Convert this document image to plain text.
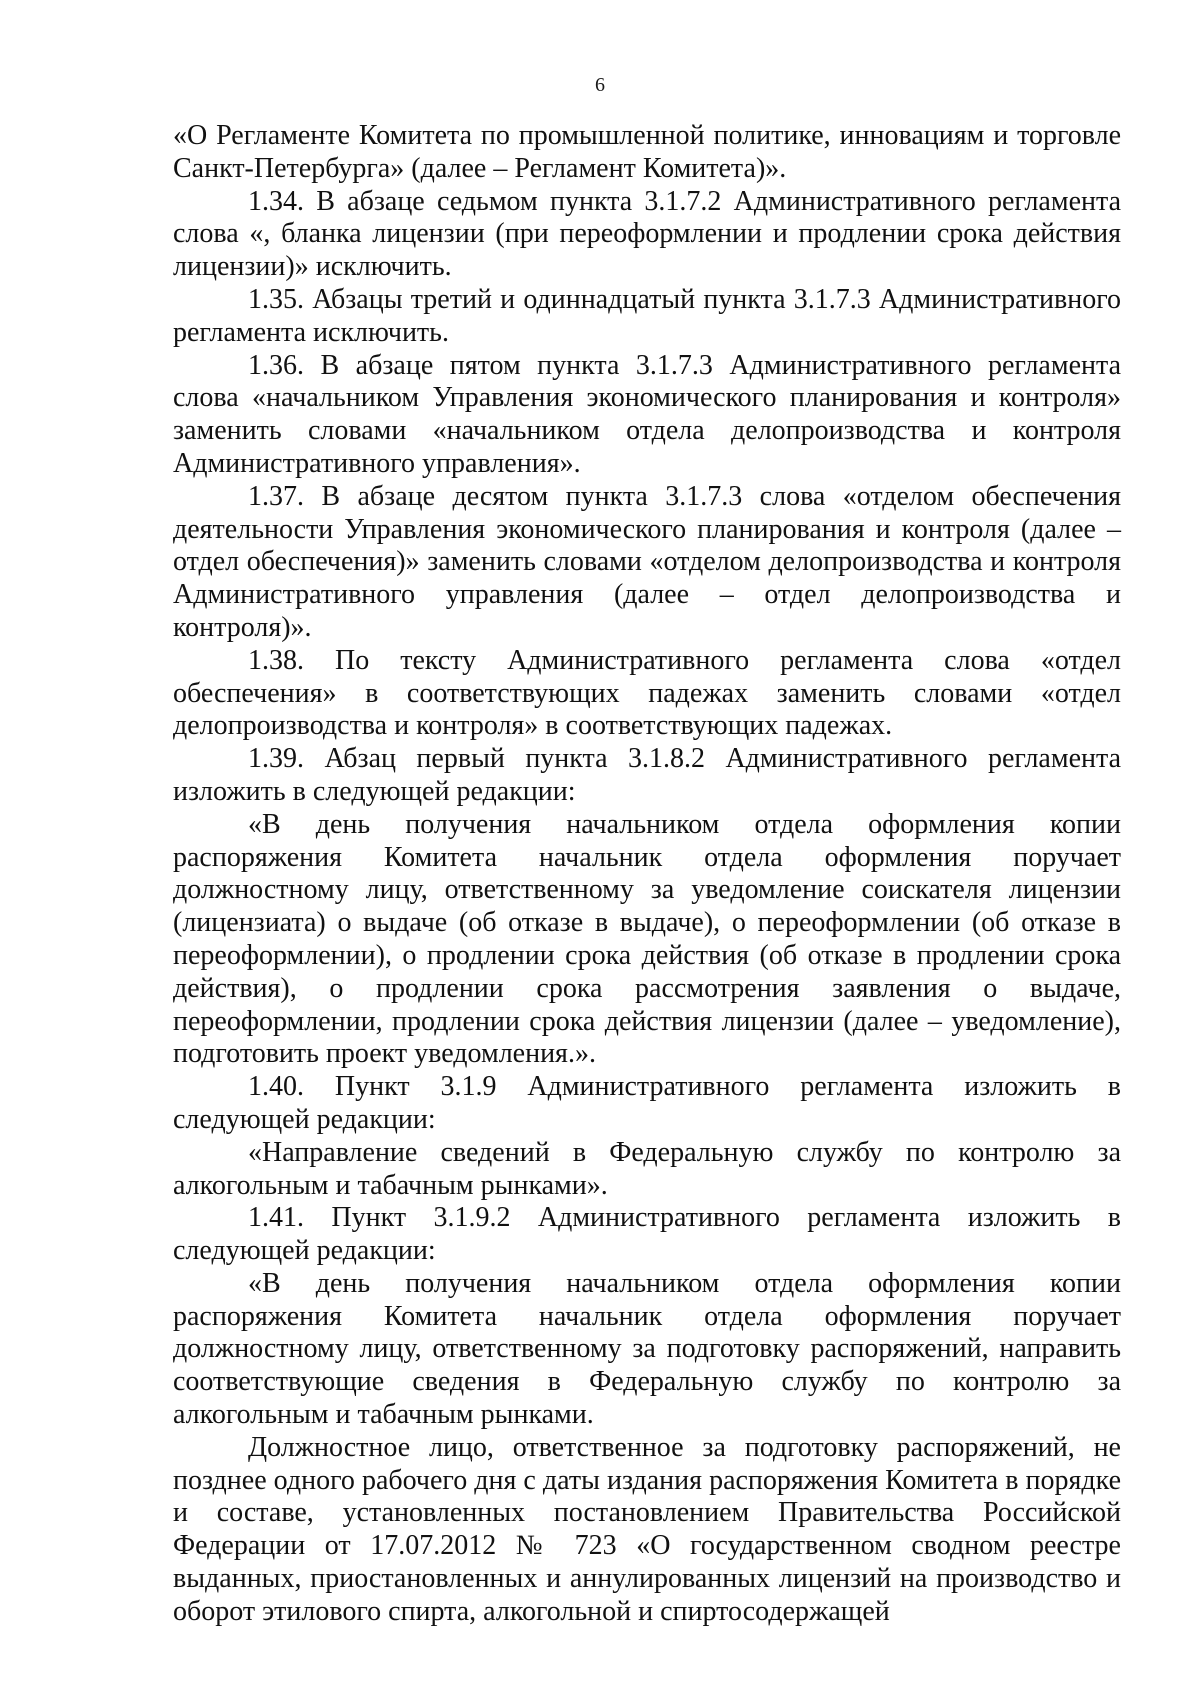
6

«О Регламенте Комитета по промышленной политике, инновациям и торговле Санкт-Петербурга» (далее – Регламент Комитета)».

1.34. В абзаце седьмом пункта 3.1.7.2 Административного регламента слова «, бланка лицензии (при переоформлении и продлении срока действия лицензии)» исключить.

1.35. Абзацы третий и одиннадцатый пункта 3.1.7.3 Административного регламента исключить.

1.36. В абзаце пятом пункта 3.1.7.3 Административного регламента слова «начальником Управления экономического планирования и контроля» заменить словами «начальником отдела делопроизводства и контроля Административного управления».

1.37. В абзаце десятом пункта 3.1.7.3 слова «отделом обеспечения деятельности Управления экономического планирования и контроля (далее – отдел обеспечения)» заменить словами «отделом делопроизводства и контроля Административного управления (далее – отдел делопроизводства и контроля)».

1.38. По тексту Административного регламента слова «отдел обеспечения» в соответствующих падежах заменить словами «отдел делопроизводства и контроля» в соответствующих падежах.

1.39. Абзац первый пункта 3.1.8.2 Административного регламента изложить в следующей редакции:

«В день получения начальником отдела оформления копии распоряжения Комитета начальник отдела оформления поручает должностному лицу, ответственному за уведомление соискателя лицензии (лицензиата) о выдаче (об отказе в выдаче), о переоформлении (об отказе в переоформлении), о продлении срока действия (об отказе в продлении срока действия), о продлении срока рассмотрения заявления о выдаче, переоформлении, продлении срока действия лицензии (далее – уведомление), подготовить проект уведомления.».

1.40. Пункт 3.1.9 Административного регламента изложить в следующей редакции:

«Направление сведений в Федеральную службу по контролю за алкогольным и табачным рынками».

1.41. Пункт 3.1.9.2 Административного регламента изложить в следующей редакции:

«В день получения начальником отдела оформления копии распоряжения Комитета начальник отдела оформления поручает должностному лицу, ответственному за подготовку распоряжений, направить соответствующие сведения в Федеральную службу по контролю за алкогольным и табачным рынками.

Должностное лицо, ответственное за подготовку распоряжений, не позднее одного рабочего дня с даты издания распоряжения Комитета в порядке и составе, установленных постановлением Правительства Российской Федерации от 17.07.2012 № 723 «О государственном сводном реестре выданных, приостановленных и аннулированных лицензий на производство и оборот этилового спирта, алкогольной и спиртосодержащей
